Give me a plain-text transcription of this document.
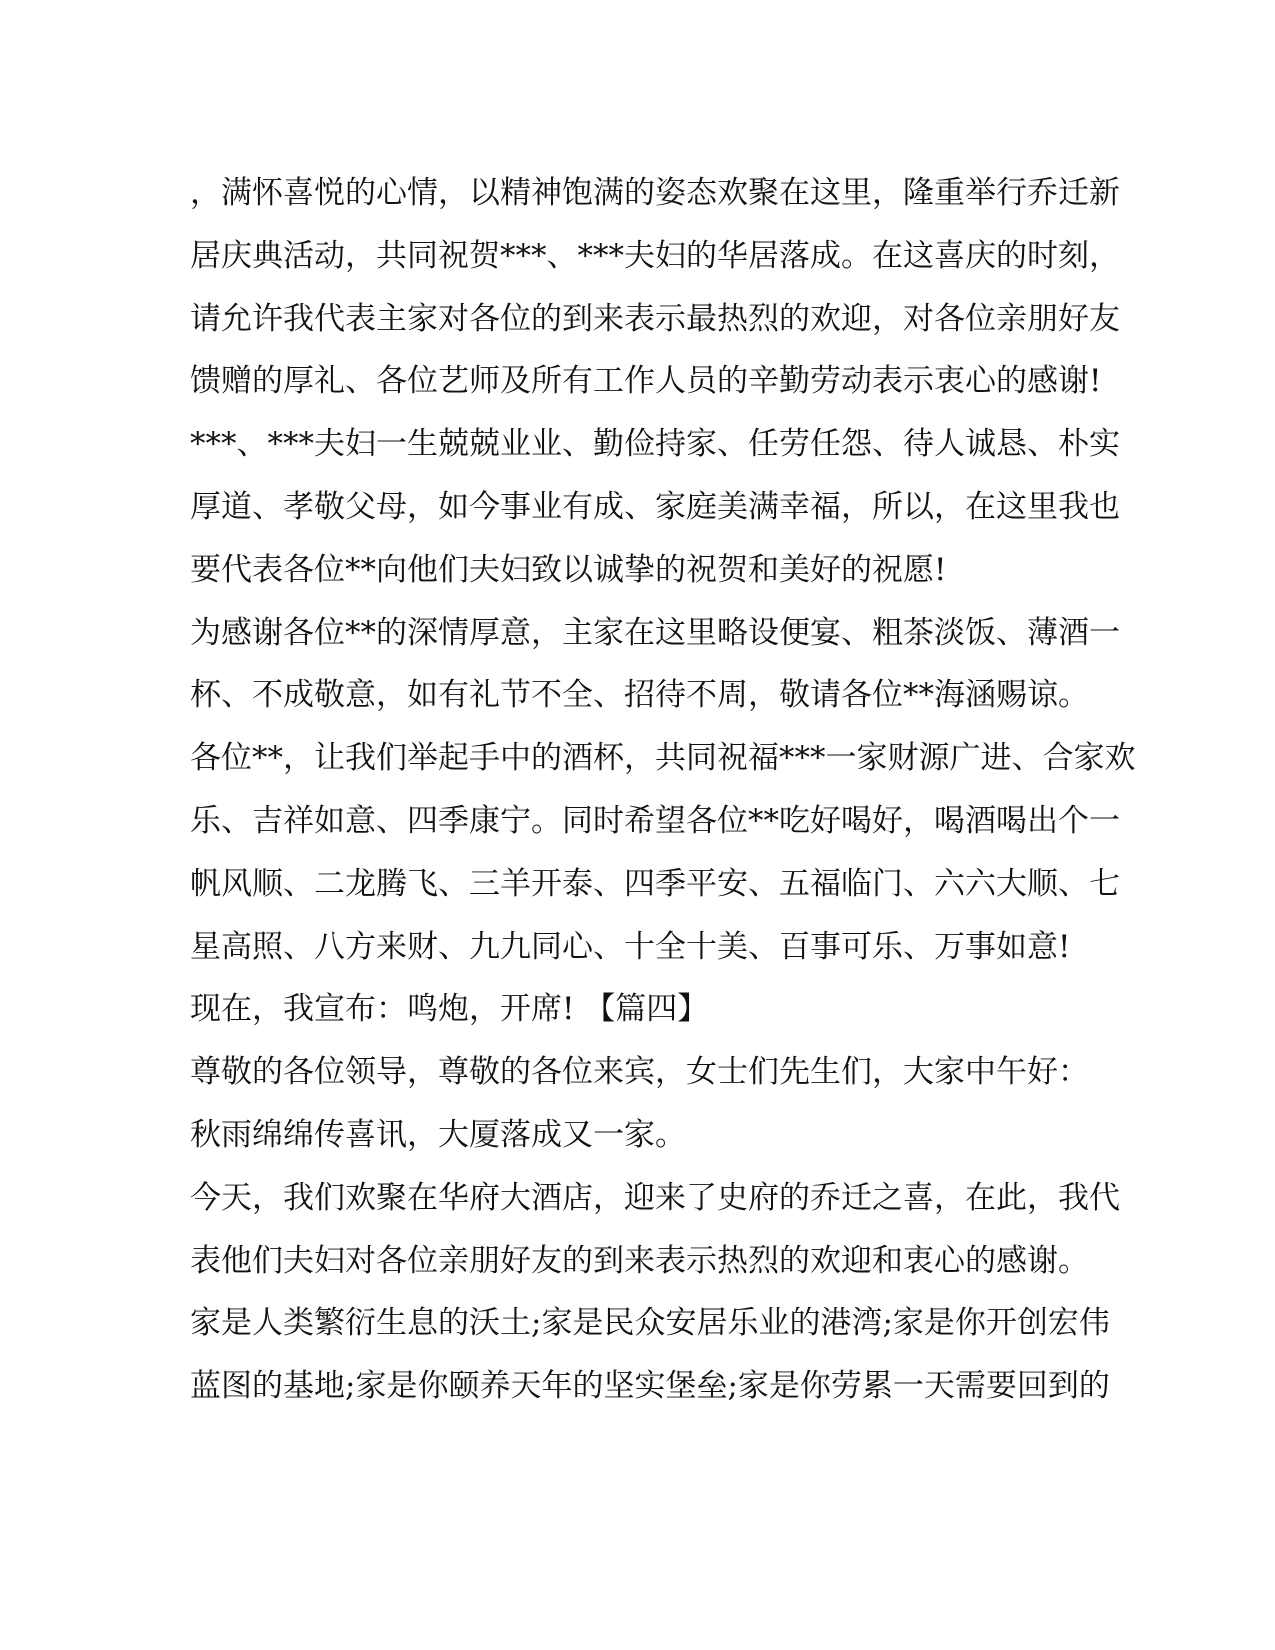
，满怀喜悦的心情，以精神饱满的姿态欢聚在这里，隆重举行乔迁新
居庆典活动，共同祝贺***、***夫妇的华居落成。在这喜庆的时刻，
请允许我代表主家对各位的到来表示最热烈的欢迎，对各位亲朋好友
馈赠的厚礼、各位艺师及所有工作人员的辛勤劳动表示衷心的感谢!
***、***夫妇一生兢兢业业、勤俭持家、任劳任怨、待人诚恳、朴实
厚道、孝敬父母，如今事业有成、家庭美满幸福，所以，在这里我也
要代表各位**向他们夫妇致以诚挚的祝贺和美好的祝愿!
为感谢各位**的深情厚意，主家在这里略设便宴、粗茶淡饭、薄酒一
杯、不成敬意，如有礼节不全、招待不周，敬请各位**海涵赐谅。
各位**，让我们举起手中的酒杯，共同祝福***一家财源广进、合家欢
乐、吉祥如意、四季康宁。同时希望各位**吃好喝好，喝酒喝出个一
帆风顺、二龙腾飞、三羊开泰、四季平安、五福临门、六六大顺、七
星高照、八方来财、九九同心、十全十美、百事可乐、万事如意!
现在，我宣布：鸣炮，开席! 【篇四】
尊敬的各位领导，尊敬的各位来宾，女士们先生们，大家中午好：
秋雨绵绵传喜讯，大厦落成又一家。
今天，我们欢聚在华府大酒店，迎来了史府的乔迁之喜，在此，我代
表他们夫妇对各位亲朋好友的到来表示热烈的欢迎和衷心的感谢。
家是人类繁衍生息的沃土;家是民众安居乐业的港湾;家是你开创宏伟
蓝图的基地;家是你颐养天年的坚实堡垒;家是你劳累一天需要回到的
